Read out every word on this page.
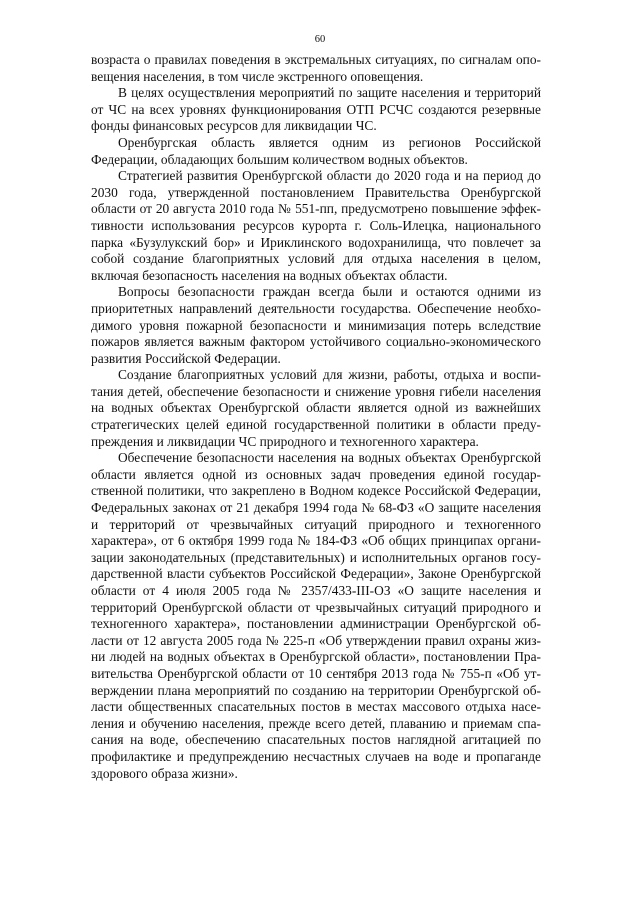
60

возраста о правилах поведения в экстремальных ситуациях, по сигналам оповещения населения, в том числе экстренного оповещения.

В целях осуществления мероприятий по защите населения и территорий от ЧС на всех уровнях функционирования ОТП РСЧС создаются резервные фонды финансовых ресурсов для ликвидации ЧС.

Оренбургская область является одним из регионов Российской Федерации, обладающих большим количеством водных объектов.

Стратегией развития Оренбургской области до 2020 года и на период до 2030 года, утвержденной постановлением Правительства Оренбургской области от 20 августа 2010 года № 551-пп, предусмотрено повышение эффективности использования ресурсов курорта г. Соль-Илецка, национального парка «Бузулукский бор» и Ириклинского водохранилища, что повлечет за собой создание благоприятных условий для отдыха населения в целом, включая безопасность населения на водных объектах области.

Вопросы безопасности граждан всегда были и остаются одними из приоритетных направлений деятельности государства. Обеспечение необходимого уровня пожарной безопасности и минимизация потерь вследствие пожаров является важным фактором устойчивого социально-экономического развития Российской Федерации.

Создание благоприятных условий для жизни, работы, отдыха и воспитания детей, обеспечение безопасности и снижение уровня гибели населения на водных объектах Оренбургской области является одной из важнейших стратегических целей единой государственной политики в области предупреждения и ликвидации ЧС природного и техногенного характера.

Обеспечение безопасности населения на водных объектах Оренбургской области является одной из основных задач проведения единой государственной политики, что закреплено в Водном кодексе Российской Федерации, Федеральных законах от 21 декабря 1994 года № 68-ФЗ «О защите населения и территорий от чрезвычайных ситуаций природного и техногенного характера», от 6 октября 1999 года № 184-ФЗ «Об общих принципах организации законодательных (представительных) и исполнительных органов государственной власти субъектов Российской Федерации», Законе Оренбургской области от 4 июля 2005 года № 2357/433-III-ОЗ «О защите населения и территорий Оренбургской области от чрезвычайных ситуаций природного и техногенного характера», постановлении администрации Оренбургской области от 12 августа 2005 года № 225-п «Об утверждении правил охраны жизни людей на водных объектах в Оренбургской области», постановлении Правительства Оренбургской области от 10 сентября 2013 года № 755-п «Об утверждении плана мероприятий по созданию на территории Оренбургской области общественных спасательных постов в местах массового отдыха населения и обучению населения, прежде всего детей, плаванию и приемам спасания на воде, обеспечению спасательных постов наглядной агитацией по профилактике и предупреждению несчастных случаев на воде и пропаганде здорового образа жизни».
